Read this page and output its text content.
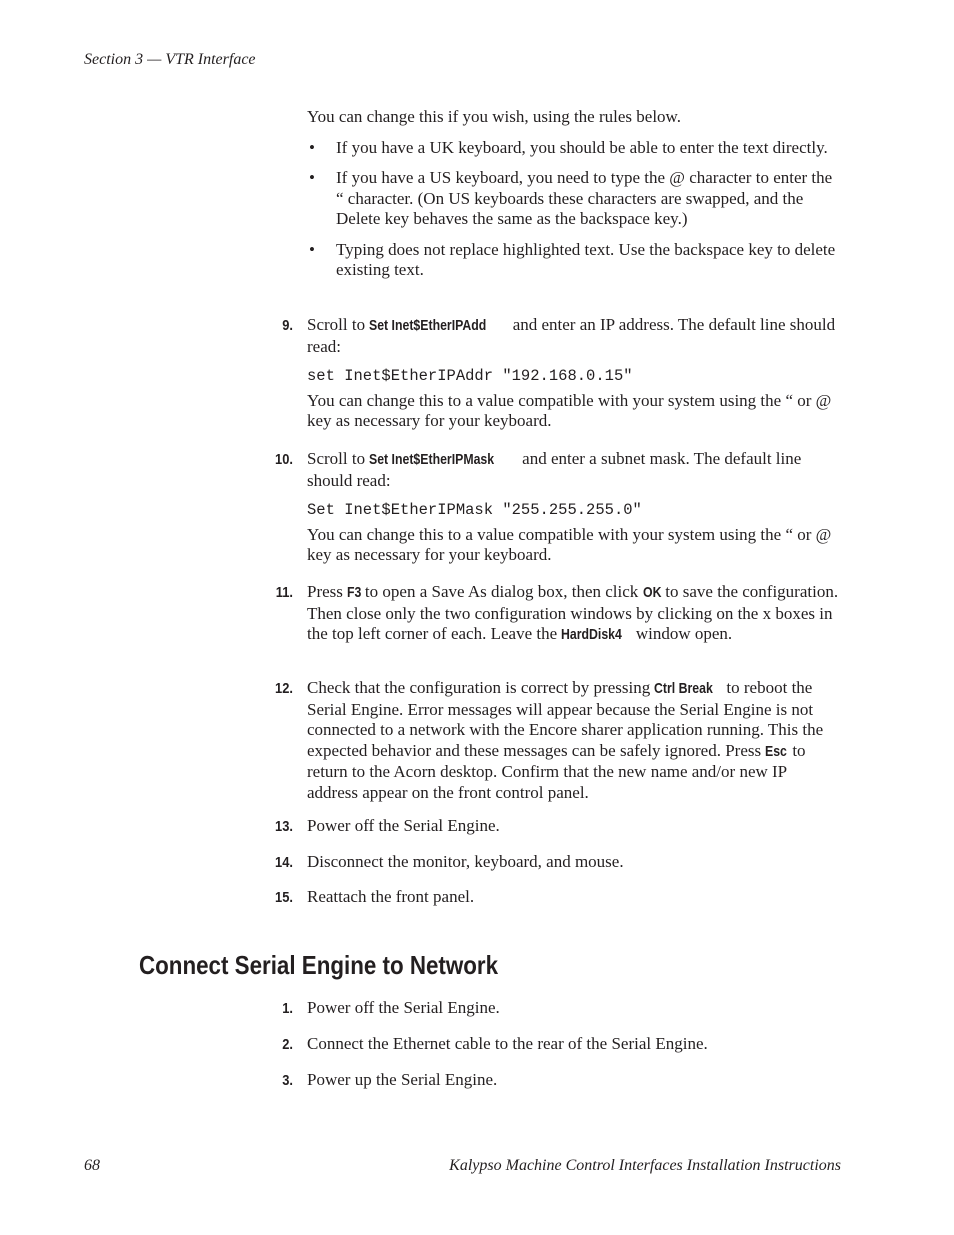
Section 3 — VTR Interface

You can change this if you wish, using the rules below.

• If you have a UK keyboard, you should be able to enter the text directly.
• If you have a US keyboard, you need to type the @ character to enter the “ character. (On US keyboards these characters are swapped, and the Delete key behaves the same as the backspace key.)
• Typing does not replace highlighted text. Use the backspace key to delete existing text.
9. Scroll to Set Inet$EtherIPAdd and enter an IP address. The default line should read:

set Inet$EtherIPAddr "192.168.0.15"

You can change this to a value compatible with your system using the “ or @ key as necessary for your keyboard.

10. Scroll to Set Inet$EtherIPMask and enter a subnet mask. The default line should read:

Set Inet$EtherIPMask "255.255.255.0"

You can change this to a value compatible with your system using the “ or @ key as necessary for your keyboard.

11. Press F3 to open a Save As dialog box, then click OK to save the configuration. Then close only the two configuration windows by clicking on the x boxes in the top left corner of each. Leave the HardDisk4 window open.

12. Check that the configuration is correct by pressing Ctrl Break to reboot the Serial Engine. Error messages will appear because the Serial Engine is not connected to a network with the Encore sharer application running. This the expected behavior and these messages can be safely ignored. Press Esc to return to the Acorn desktop. Confirm that the new name and/or new IP address appear on the front control panel.

13. Power off the Serial Engine.

14. Disconnect the monitor, keyboard, and mouse.

15. Reattach the front panel.

Connect Serial Engine to Network
1. Power off the Serial Engine.

2. Connect the Ethernet cable to the rear of the Serial Engine.

3. Power up the Serial Engine.

68	Kalypso Machine Control Interfaces Installation Instructions
